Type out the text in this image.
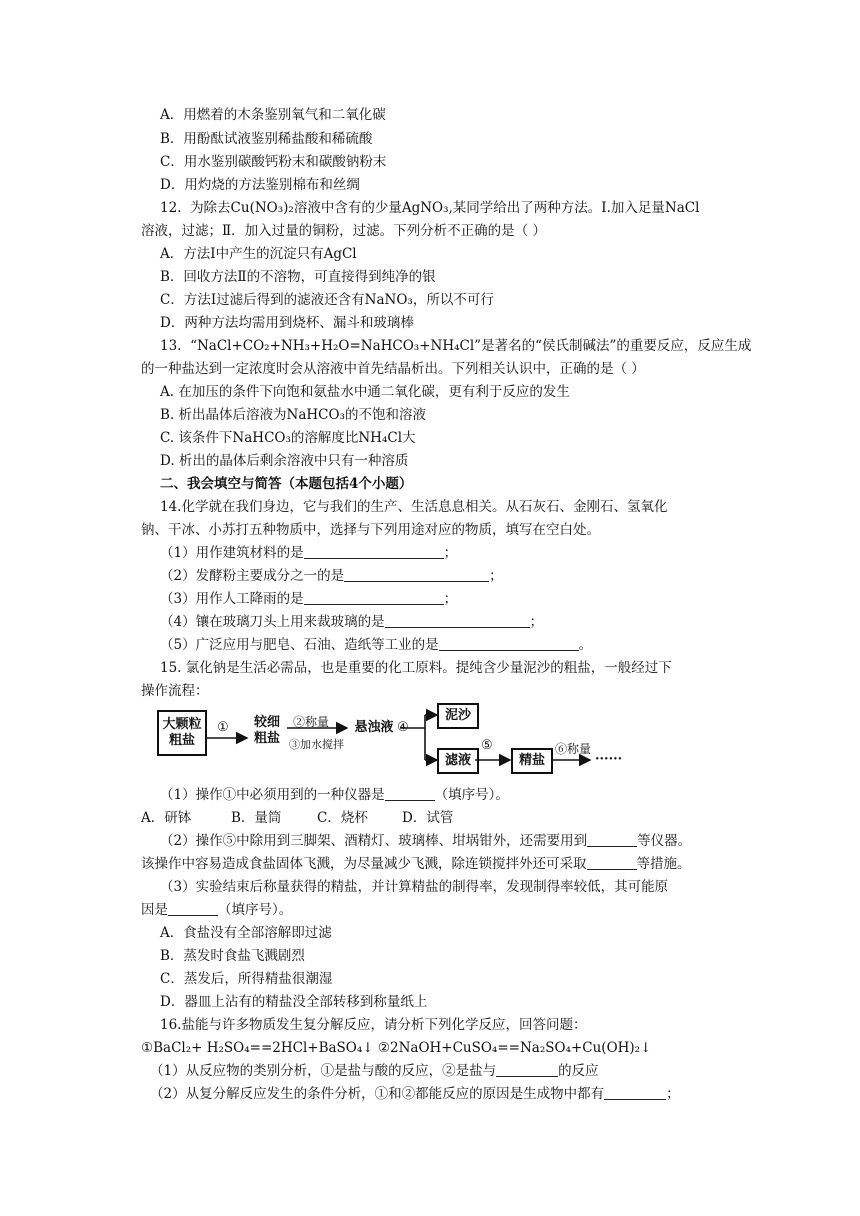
A．用燃着的木条鉴别氧气和二氧化碳
B．用酚酞试液鉴别稀盐酸和稀硫酸
C．用水鉴别碳酸钙粉末和碳酸钠粉末
D．用灼烧的方法鉴别棉布和丝绸
12.  为除去Cu(NO₃)₂溶液中含有的少量AgNO₃,某同学给出了两种方法。Ⅰ.加入足量NaCl
溶液，过滤；Ⅱ．加入过量的铜粉，过滤。下列分析不正确的是（ ）
A．方法Ⅰ中产生的沉淀只有AgCl
B．回收方法Ⅱ的不溶物，可直接得到纯净的银
C．方法Ⅰ过滤后得到的滤液还含有NaNO₃，所以不可行
D．两种方法均需用到烧杯、漏斗和玻璃棒
13.  “NaCl+CO₂+NH₃+H₂O=NaHCO₃+NH₄Cl”是著名的“侯氏制碱法”的重要反应，反应生成
的一种盐达到一定浓度时会从溶液中首先结晶析出。下列相关认识中，正确的是（ ）
A. 在加压的条件下向饱和氨盐水中通二氧化碳，更有利于反应的发生
B. 析出晶体后溶液为NaHCO₃的不饱和溶液
C. 该条件下NaHCO₃的溶解度比NH₄Cl大
D. 析出的晶体后剩余溶液中只有一种溶质
二、我会填空与简答（本题包括4个小题）
14.化学就在我们身边，它与我们的生产、生活息息相关。从石灰石、金刚石、氢氧化
钠、干冰、小苏打五种物质中，选择与下列用途对应的物质，填写在空白处。
（1）用作建筑材料的是	；
（2）发酵粉主要成分之一的是	；
（3）用作人工降雨的是	；
（4）镶在玻璃刀头上用来裁玻璃的是	；
（5）广泛应用与肥皂、石油、造纸等工业的是	。
15. 氯化钠是生活必需品，也是重要的化工原料。提纯含少量泥沙的粗盐，一般经过下
操作流程：
大颗粒
粗盐
① 较细
粗盐
②称量
③加水搅拌
悬浊液 ④
泥沙
滤液
⑤
精盐
⑥称量
······
（1）操作①中必须用到的一种仪器是	（填序号）。
A．研钵	B．量筒	C．烧杯	D．试管
（2）操作⑤中除用到三脚架、酒精灯、玻璃棒、坩埚钳外，还需要用到	等仪器。
该操作中容易造成食盐固体飞溅，为尽量减少飞溅，除连锁搅拌外还可采取	等措施。
（3）实验结束后称量获得的精盐，并计算精盐的制得率，发现制得率较低，其可能原
因是	（填序号）。
A．食盐没有全部溶解即过滤
B．蒸发时食盐飞溅剧烈
C．蒸发后，所得精盐很潮湿
D．器皿上沾有的精盐没全部转移到称量纸上
16.盐能与许多物质发生复分解反应，请分析下列化学反应，回答问题：
①BaCl₂+ H₂SO₄==2HCl+BaSO₄↓ ②2NaOH+CuSO₄==Na₂SO₄+Cu(OH)₂↓
（1）从反应物的类别分析，①是盐与酸的反应，②是盐与	的反应
（2）从复分解反应发生的条件分析，①和②都能反应的原因是生成物中都有	；
